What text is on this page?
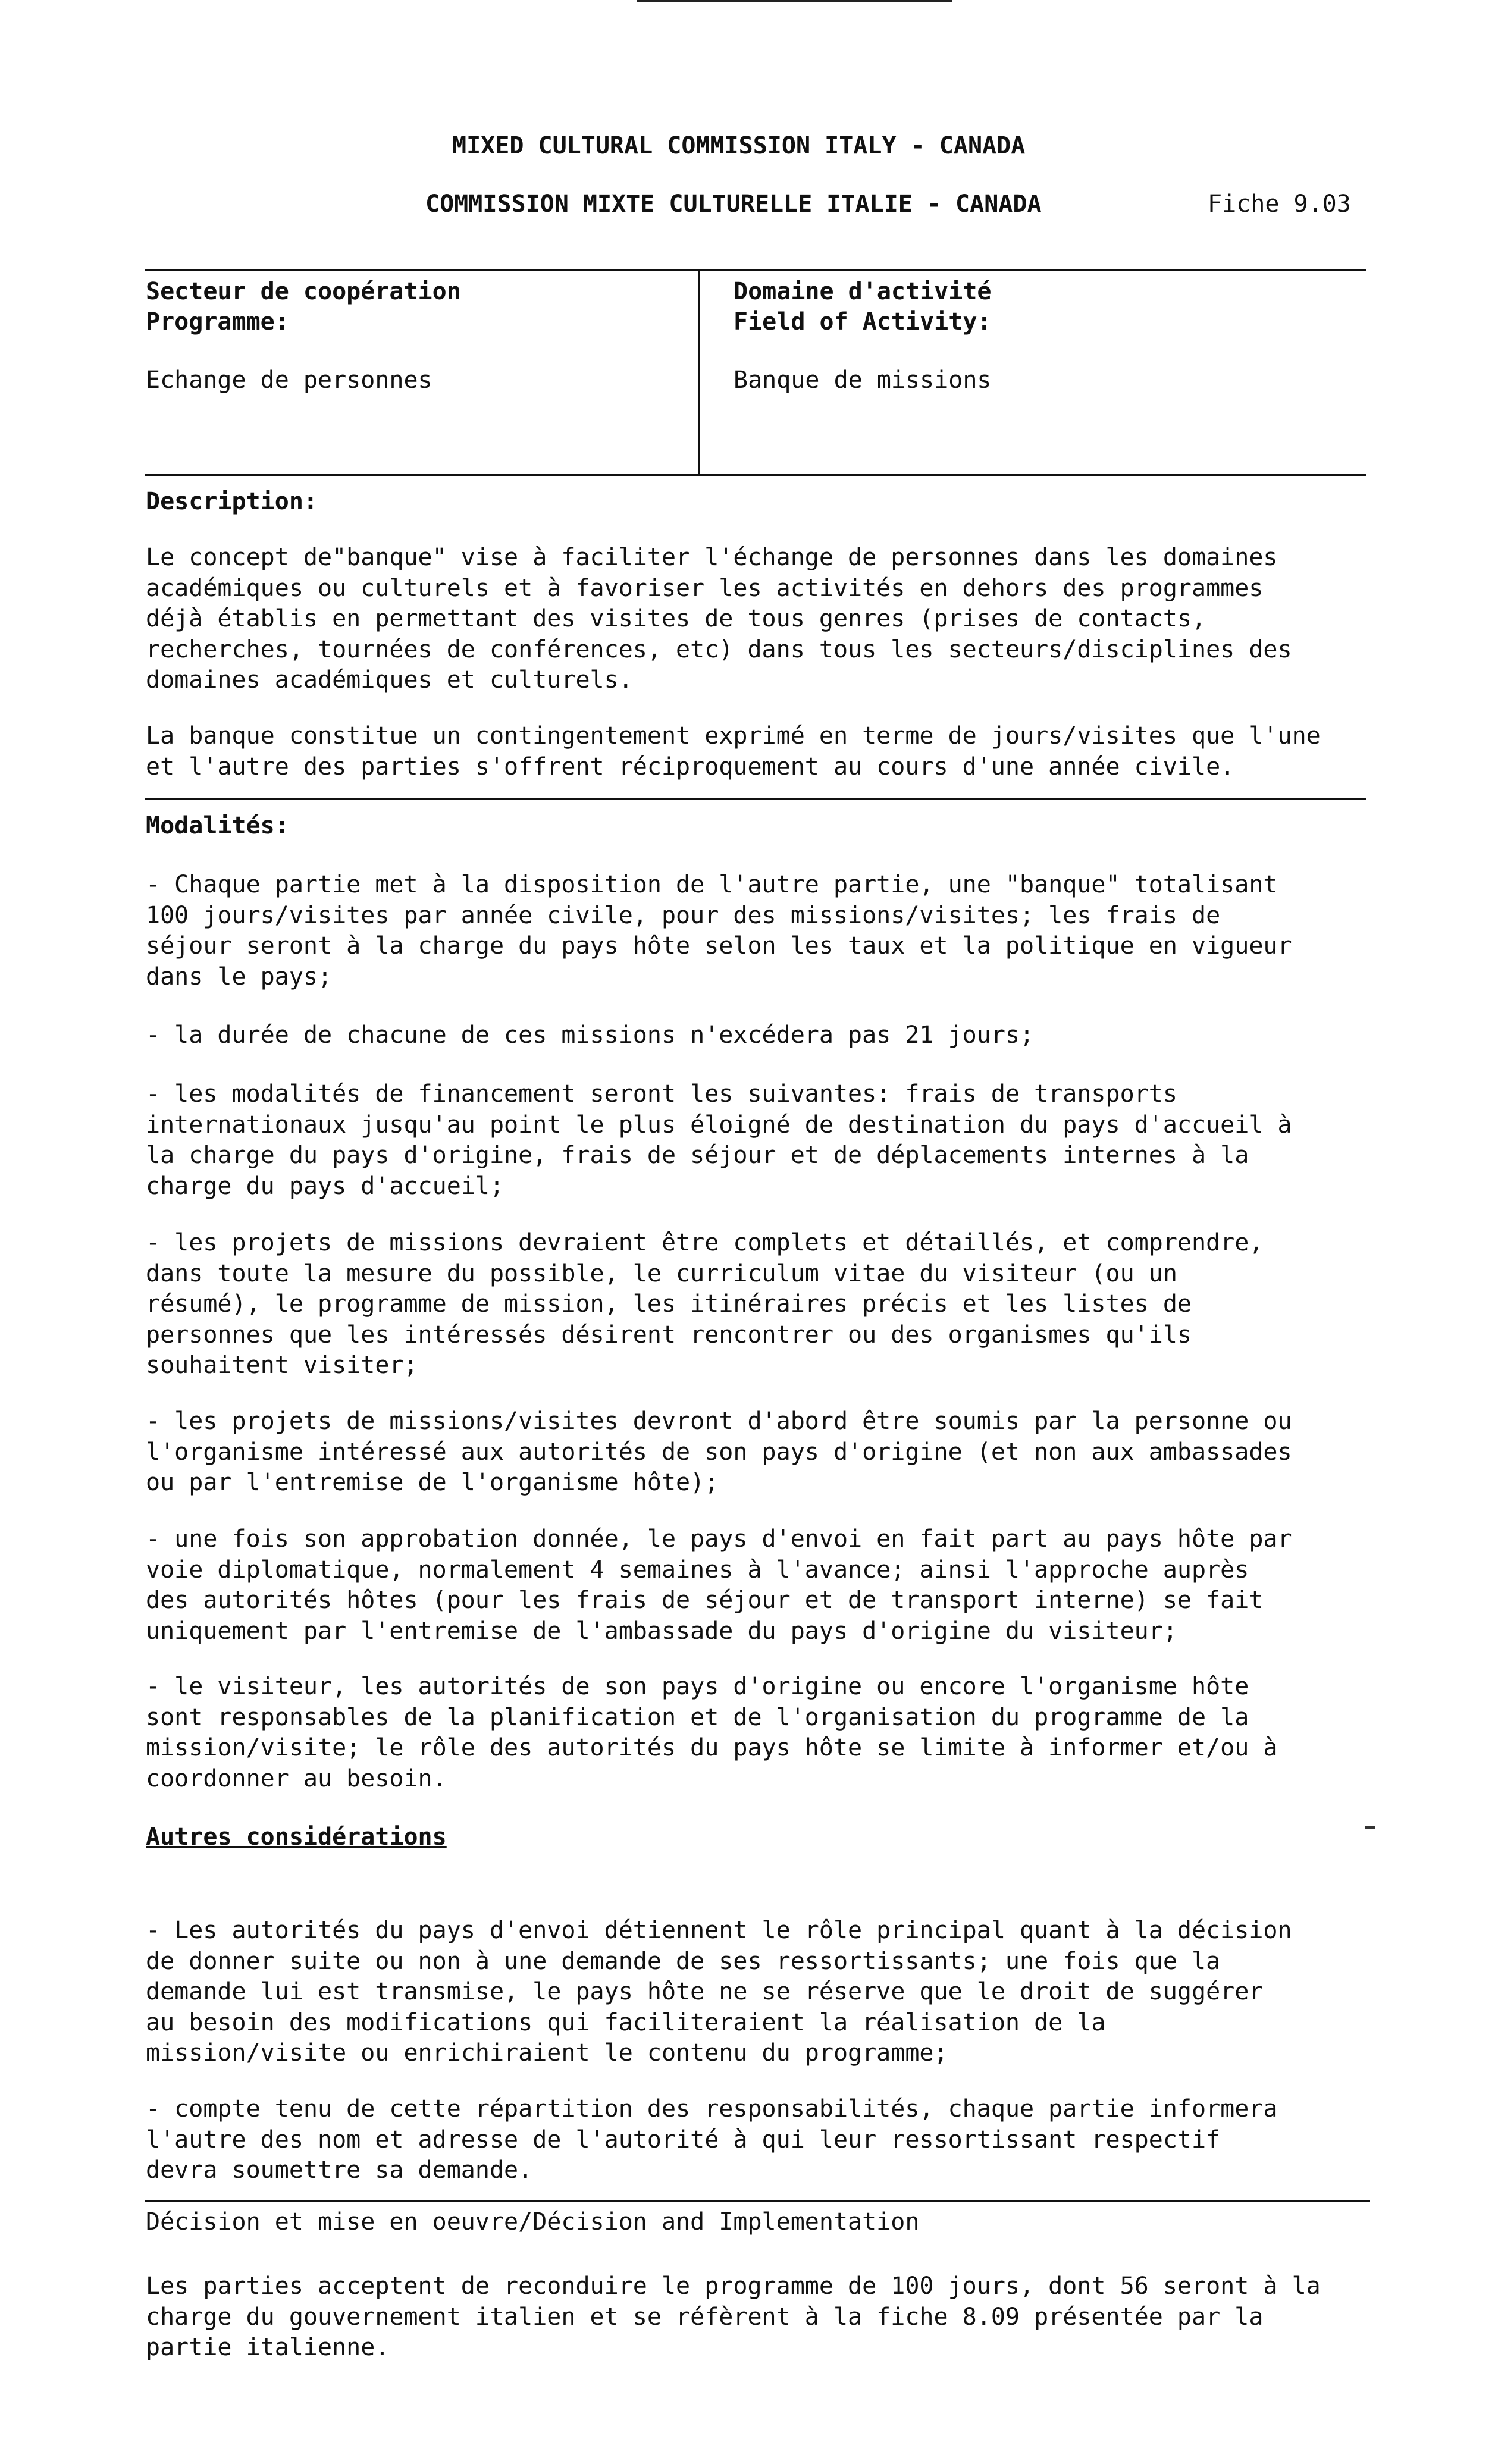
MIXED CULTURAL COMMISSION ITALY - CANADA
COMMISSION MIXTE CULTURELLE ITALIE - CANADA	Fiche 9.03
Secteur de coopération
Programme:
Echange de personnes
Domaine d'activité
Field of Activity:
Banque de missions
Description:
Le concept de"banque" vise à faciliter l'échange de personnes dans les domaines
académiques ou culturels et à favoriser les activités en dehors des programmes
déjà établis en permettant des visites de tous genres (prises de contacts,
recherches, tournées de conférences, etc) dans tous les secteurs/disciplines des
domaines académiques et culturels.
La banque constitue un contingentement exprimé en terme de jours/visites que l'une
et l'autre des parties s'offrent réciproquement au cours d'une année civile.
Modalités:
- Chaque partie met à la disposition de l'autre partie, une "banque" totalisant
100 jours/visites par année civile, pour des missions/visites; les frais de
séjour seront à la charge du pays hôte selon les taux et la politique en vigueur
dans le pays;
- la durée de chacune de ces missions n'excédera pas 21 jours;
- les modalités de financement seront les suivantes: frais de transports
internationaux jusqu'au point le plus éloigné de destination du pays d'accueil à
la charge du pays d'origine, frais de séjour et de déplacements internes à la
charge du pays d'accueil;
- les projets de missions devraient être complets et détaillés, et comprendre,
dans toute la mesure du possible, le curriculum vitae du visiteur (ou un
résumé), le programme de mission, les itinéraires précis et les listes de
personnes que les intéressés désirent rencontrer ou des organismes qu'ils
souhaitent visiter;
- les projets de missions/visites devront d'abord être soumis par la personne ou
l'organisme intéressé aux autorités de son pays d'origine (et non aux ambassades
ou par l'entremise de l'organisme hôte);
- une fois son approbation donnée, le pays d'envoi en fait part au pays hôte par
voie diplomatique, normalement 4 semaines à l'avance; ainsi l'approche auprès
des autorités hôtes (pour les frais de séjour et de transport interne) se fait
uniquement par l'entremise de l'ambassade du pays d'origine du visiteur;
- le visiteur, les autorités de son pays d'origine ou encore l'organisme hôte
sont responsables de la planification et de l'organisation du programme de la
mission/visite; le rôle des autorités du pays hôte se limite à informer et/ou à
coordonner au besoin.
Autres considérations
- Les autorités du pays d'envoi détiennent le rôle principal quant à la décision
de donner suite ou non à une demande de ses ressortissants; une fois que la
demande lui est transmise, le pays hôte ne se réserve que le droit de suggérer
au besoin des modifications qui faciliteraient la réalisation de la
mission/visite ou enrichiraient le contenu du programme;
- compte tenu de cette répartition des responsabilités, chaque partie informera
l'autre des nom et adresse de l'autorité à qui leur ressortissant respectif
devra soumettre sa demande.
Décision et mise en oeuvre/Décision and Implementation
Les parties acceptent de reconduire le programme de 100 jours, dont 56 seront à la
charge du gouvernement italien et se réfèrent à la fiche 8.09 présentée par la
partie italienne.
